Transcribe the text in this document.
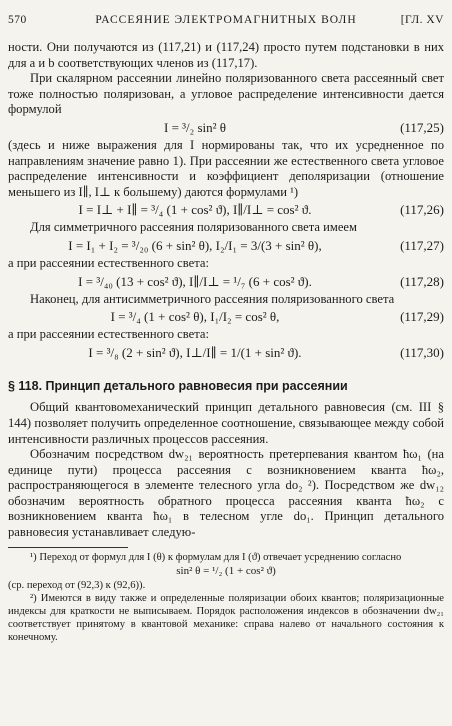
570	РАССЕЯНИЕ ЭЛЕКТРОМАГНИТНЫХ ВОЛН	[ГЛ. XV

ности. Они получаются из (117,21) и (117,24) просто путем подстановки в них для a и b соответствующих членов из (117,17).

При скалярном рассеянии линейно поляризованного света рассеянный свет тоже полностью поляризован, а угловое распределение интенсивности дается формулой

I = ³/₂ sin² θ	(117,25)

(здесь и ниже выражения для I нормированы так, что их усредненное по направлениям значение равно 1). При рассеянии же естественного света угловое распределение интенсивности и коэффициент деполяризации (отношение меньшего из I∥, I⊥ к большему) даются формулами ¹)

I = I⊥ + I∥ = ³/₄ (1 + cos² ϑ), I∥/I⊥ = cos² ϑ.	(117,26)

Для симметричного рассеяния поляризованного света имеем

I = I₁ + I₂ = ³/₂₀ (6 + sin² θ), I₂/I₁ = 3/(3 + sin² θ),	(117,27)

а при рассеянии естественного света:

I = ³/₄₀ (13 + cos² ϑ), I∥/I⊥ = ¹/₇ (6 + cos² ϑ).	(117,28)

Наконец, для антисимметричного рассеяния поляризованного света

I = ³/₄ (1 + cos² θ), I₁/I₂ = cos² θ,	(117,29)

а при рассеянии естественного света:

I = ³/₈ (2 + sin² ϑ), I⊥/I∥ = 1/(1 + sin² ϑ).	(117,30)
§ 118. Принцип детального равновесия при рассеянии

Общий квантовомеханический принцип детального равновесия (см. III § 144) позволяет получить определенное соотношение, связывающее между собой интенсивности различных процессов рассеяния.

Обозначим посредством dw₂₁ вероятность претерпевания квантом ħω₁ (на единице пути) процесса рассеяния с возникновением кванта ħω₂, распространяющегося в элементе телесного угла do₂ ²). Посредством же dw₁₂ обозначим вероятность обратного процесса рассеяния кванта ħω₂ с возникновением кванта ħω₁ в телесном угле do₁. Принцип детального равновесия устанавливает следую-

¹) Переход от формул для I (θ) к формулам для I (ϑ) отвечает усреднению согласно

sin² θ = ¹/₂ (1 + cos² ϑ)

(ср. переход от (92,3) к (92,6)).

²) Имеются в виду также и определенные поляризации обоих квантов; поляризационные индексы для краткости не выписываем. Порядок расположения индексов в обозначении dw₂₁ соответствует принятому в квантовой механике: справа налево от начального состояния к конечному.
